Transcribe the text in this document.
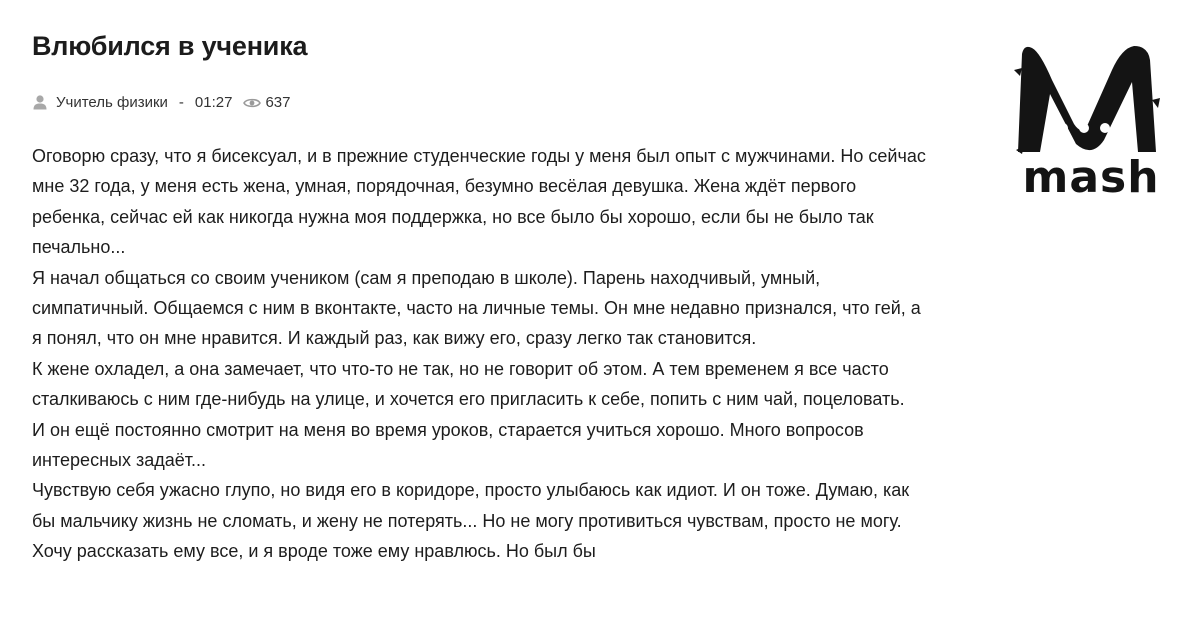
Влюбился в ученика
Учитель физики - 01:27 637

Оговорю сразу, что я бисексуал, и в прежние студенческие годы у меня был опыт с мужчинами. Но сейчас мне 32 года, у меня есть жена, умная, порядочная, безумно весёлая девушка. Жена ждёт первого ребенка, сейчас ей как никогда нужна моя поддержка, но все было бы хорошо, если бы не было так печально...

Я начал общаться со своим учеником (сам я преподаю в школе). Парень находчивый, умный, симпатичный. Общаемся с ним в вконтакте, часто на личные темы. Он мне недавно признался, что гей, а я понял, что он мне нравится. И каждый раз, как вижу его, сразу легко так становится.

К жене охладел, а она замечает, что что-то не так, но не говорит об этом. А тем временем я все часто сталкиваюсь с ним где-нибудь на улице, и хочется его пригласить к себе, попить с ним чай, поцеловать.

И он ещё постоянно смотрит на меня во время уроков, старается учиться хорошо. Много вопросов интересных задаёт...

Чувствую себя ужасно глупо, но видя его в коридоре, просто улыбаюсь как идиот. И он тоже. Думаю, как бы мальчику жизнь не сломать, и жену не потерять... Но не могу противиться чувствам, просто не могу. Хочу рассказать ему все, и я вроде тоже ему нравлюсь. Но был бы

mash
